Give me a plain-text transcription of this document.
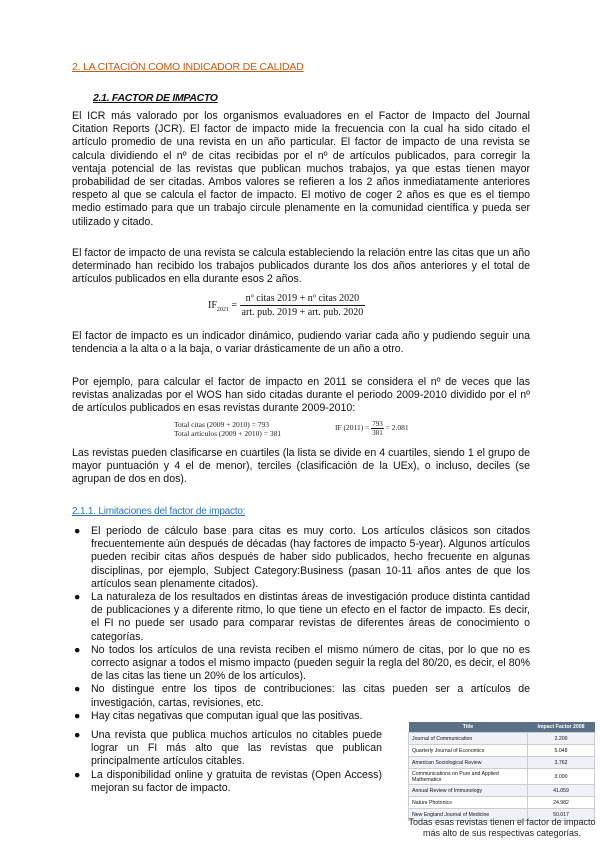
2. LA CITACIÓN COMO INDICADOR DE CALIDAD
2.1. FACTOR DE IMPACTO

El ICR más valorado por los organismos evaluadores en el Factor de Impacto del Journal Citation Reports (JCR). El factor de impacto mide la frecuencia con la cual ha sido citado el artículo promedio de una revista en un año particular. El factor de impacto de una revista se calcula dividiendo el nº de citas recibidas por el nº de artículos publicados, para corregir la ventaja potencial de las revistas que publican muchos trabajos, ya que estas tienen mayor probabilidad de ser citadas. Ambos valores se refieren a los 2 años inmediatamente anteriores respeto al que se calcula el factor de impacto. El motivo de coger 2 años es que es el tiempo medio estimado para que un trabajo circule plenamente en la comunidad científica y pueda ser utilizado y citado.

El factor de impacto de una revista se calcula estableciendo la relación entre las citas que un año determinado han recibido los trabajos publicados durante los dos años anteriores y el total de artículos publicados en ella durante esos 2 años.

$IF_{2021} = \frac{\text{nº citas 2019 + nº citas 2020}}{\text{art. pub. 2019 + art. pub. 2020}}$

El factor de impacto es un indicador dinámico, pudiendo variar cada año y pudiendo seguir una tendencia a la alta o a la baja, o variar drásticamente de un año a otro.

Por ejemplo, para calcular el factor de impacto en 2011 se considera el nº de veces que las revistas analizadas por el WOS han sido citadas durante el periodo 2009-2010 dividido por el nº de artículos publicados en esas revistas durante 2009-2010:

Total citas (2009 + 2010) = 793
Total artículos (2009 + 2010) = 381
IF $(2011) = \frac{793}{381} = 2.081$

Las revistas pueden clasificarse en cuartiles (la lista se divide en 4 cuartiles, siendo 1 el grupo de mayor puntuación y 4 el de menor), terciles (clasificación de la UEx), o incluso, deciles (se agrupan de dos en dos).

2.1.1. Limitaciones del factor de impacto:
● El periodo de cálculo base para citas es muy corto. Los artículos clásicos son citados frecuentemente aún después de décadas (hay factores de impacto 5-year). Algunos artículos pueden recibir citas años después de haber sido publicados, hecho frecuente en algunas disciplinas, por ejemplo, Subject Category:Business (pasan 10-11 años antes de que los artículos sean plenamente citados).
● La naturaleza de los resultados en distintas áreas de investigación produce distinta cantidad de publicaciones y a diferente ritmo, lo que tiene un efecto en el factor de impacto. Es decir, el FI no puede ser usado para comparar revistas de diferentes áreas de conocimiento o categorías.
● No todos los artículos de una revista reciben el mismo número de citas, por lo que no es correcto asignar a todos el mismo impacto (pueden seguir la regla del 80/20, es decir, el 80% de las citas las tiene un 20% de los artículos).
● No distingue entre los tipos de contribuciones: las citas pueden ser a artículos de investigación, cartas, revisiones, etc.
● Hay citas negativas que computan igual que las positivas.
● Una revista que publica muchos artículos no citables puede lograr un FI más alto que las revistas que publican principalmente artículos citables.
● La disponibilidad online y gratuita de revistas (Open Access) mejoran su factor de impacto.
Title	Impact Factor 2008
Journal of Communication	2.200
Quarterly Journal of Economics	5.048
American Sociological Review	3.762
Communications on Pure and Applied Mathematics	3.000
Annual Review of Immunology	41.059
Nature Photonics	24.982
New England Journal of Medicine	50.017
Todas esas revistas tienen el factor de impacto más alto de sus respectivas categorías.
